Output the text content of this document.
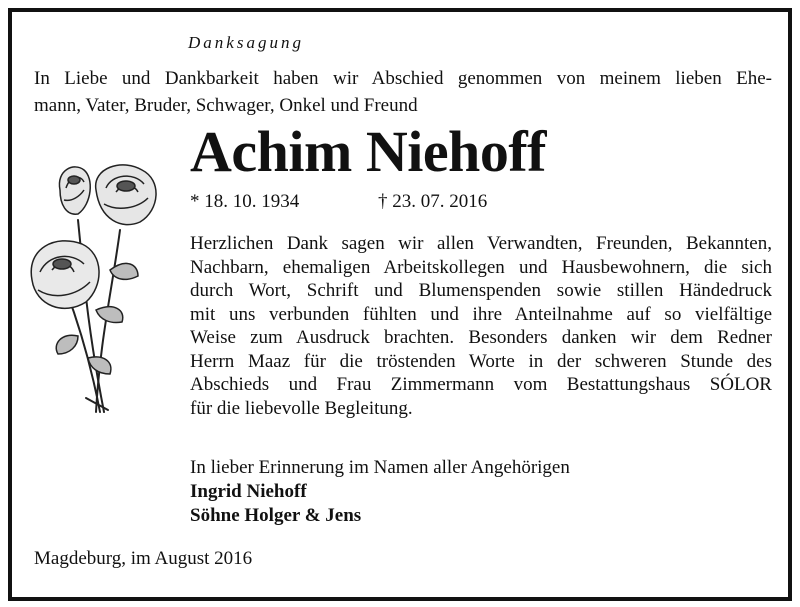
Danksagung

In Liebe und Dankbarkeit haben wir Abschied genommen von meinem lieben Ehe-
mann, Vater, Bruder, Schwager, Onkel und Freund

Achim Niehoff
* 18. 10. 1934	† 23. 07. 2016

Herzlichen Dank sagen wir allen Verwandten, Freunden, Bekannten,
Nachbarn, ehemaligen Arbeitskollegen und Hausbewohnern, die sich
durch Wort, Schrift und Blumenspenden sowie stillen Händedruck
mit uns verbunden fühlten und ihre Anteilnahme auf so vielfältige
Weise zum Ausdruck brachten. Besonders danken wir dem Redner
Herrn Maaz für die tröstenden Worte in der schweren Stunde des
Abschieds und Frau Zimmermann vom Bestattungshaus SÓLOR
für die liebevolle Begleitung.

In lieber Erinnerung im Namen aller Angehörigen
Ingrid Niehoff
Söhne Holger & Jens
Magdeburg, im August 2016
